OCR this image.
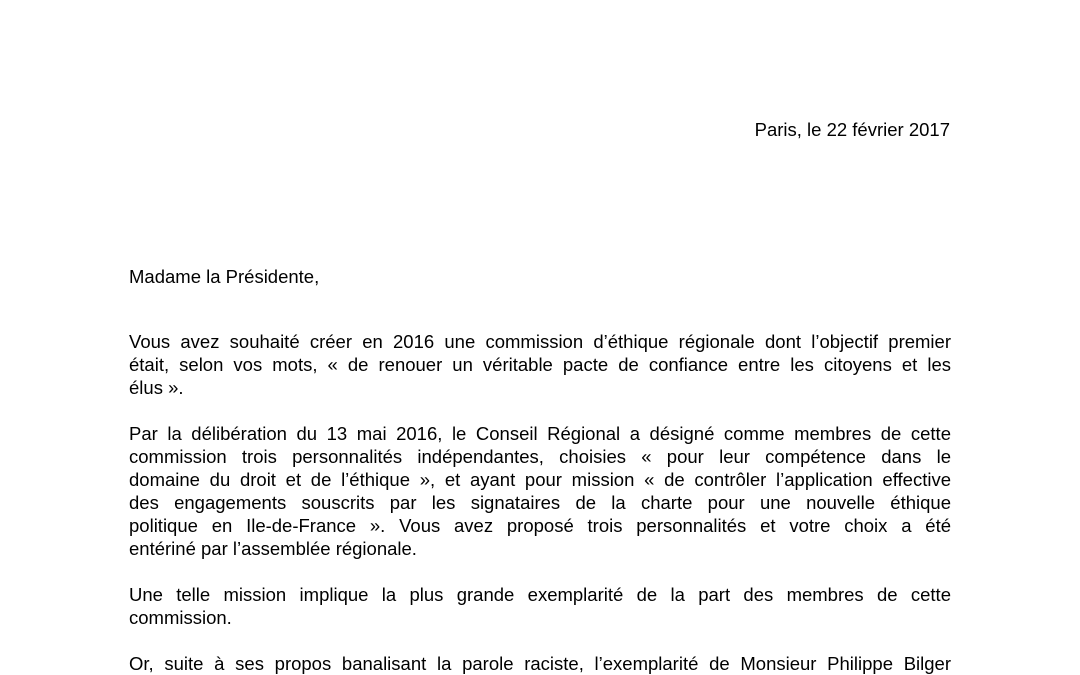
Paris, le 22 février 2017
Madame la Présidente,

Vous avez souhaité créer en 2016 une commission d’éthique régionale dont l’objectif premier
était, selon vos mots, « de renouer un véritable pacte de confiance entre les citoyens et les
élus ».

Par la délibération du 13 mai 2016, le Conseil Régional a désigné comme membres de cette
commission trois personnalités indépendantes, choisies « pour leur compétence dans le
domaine du droit et de l’éthique », et ayant pour mission « de contrôler l’application effective
des engagements souscrits par les signataires de la charte pour une nouvelle éthique
politique en Ile-de-France ». Vous avez proposé trois personnalités et votre choix a été
entériné par l’assemblée régionale.

Une telle mission implique la plus grande exemplarité de la part des membres de cette
commission.

Or, suite à ses propos banalisant la parole raciste, l’exemplarité de Monsieur Philippe Bilger
